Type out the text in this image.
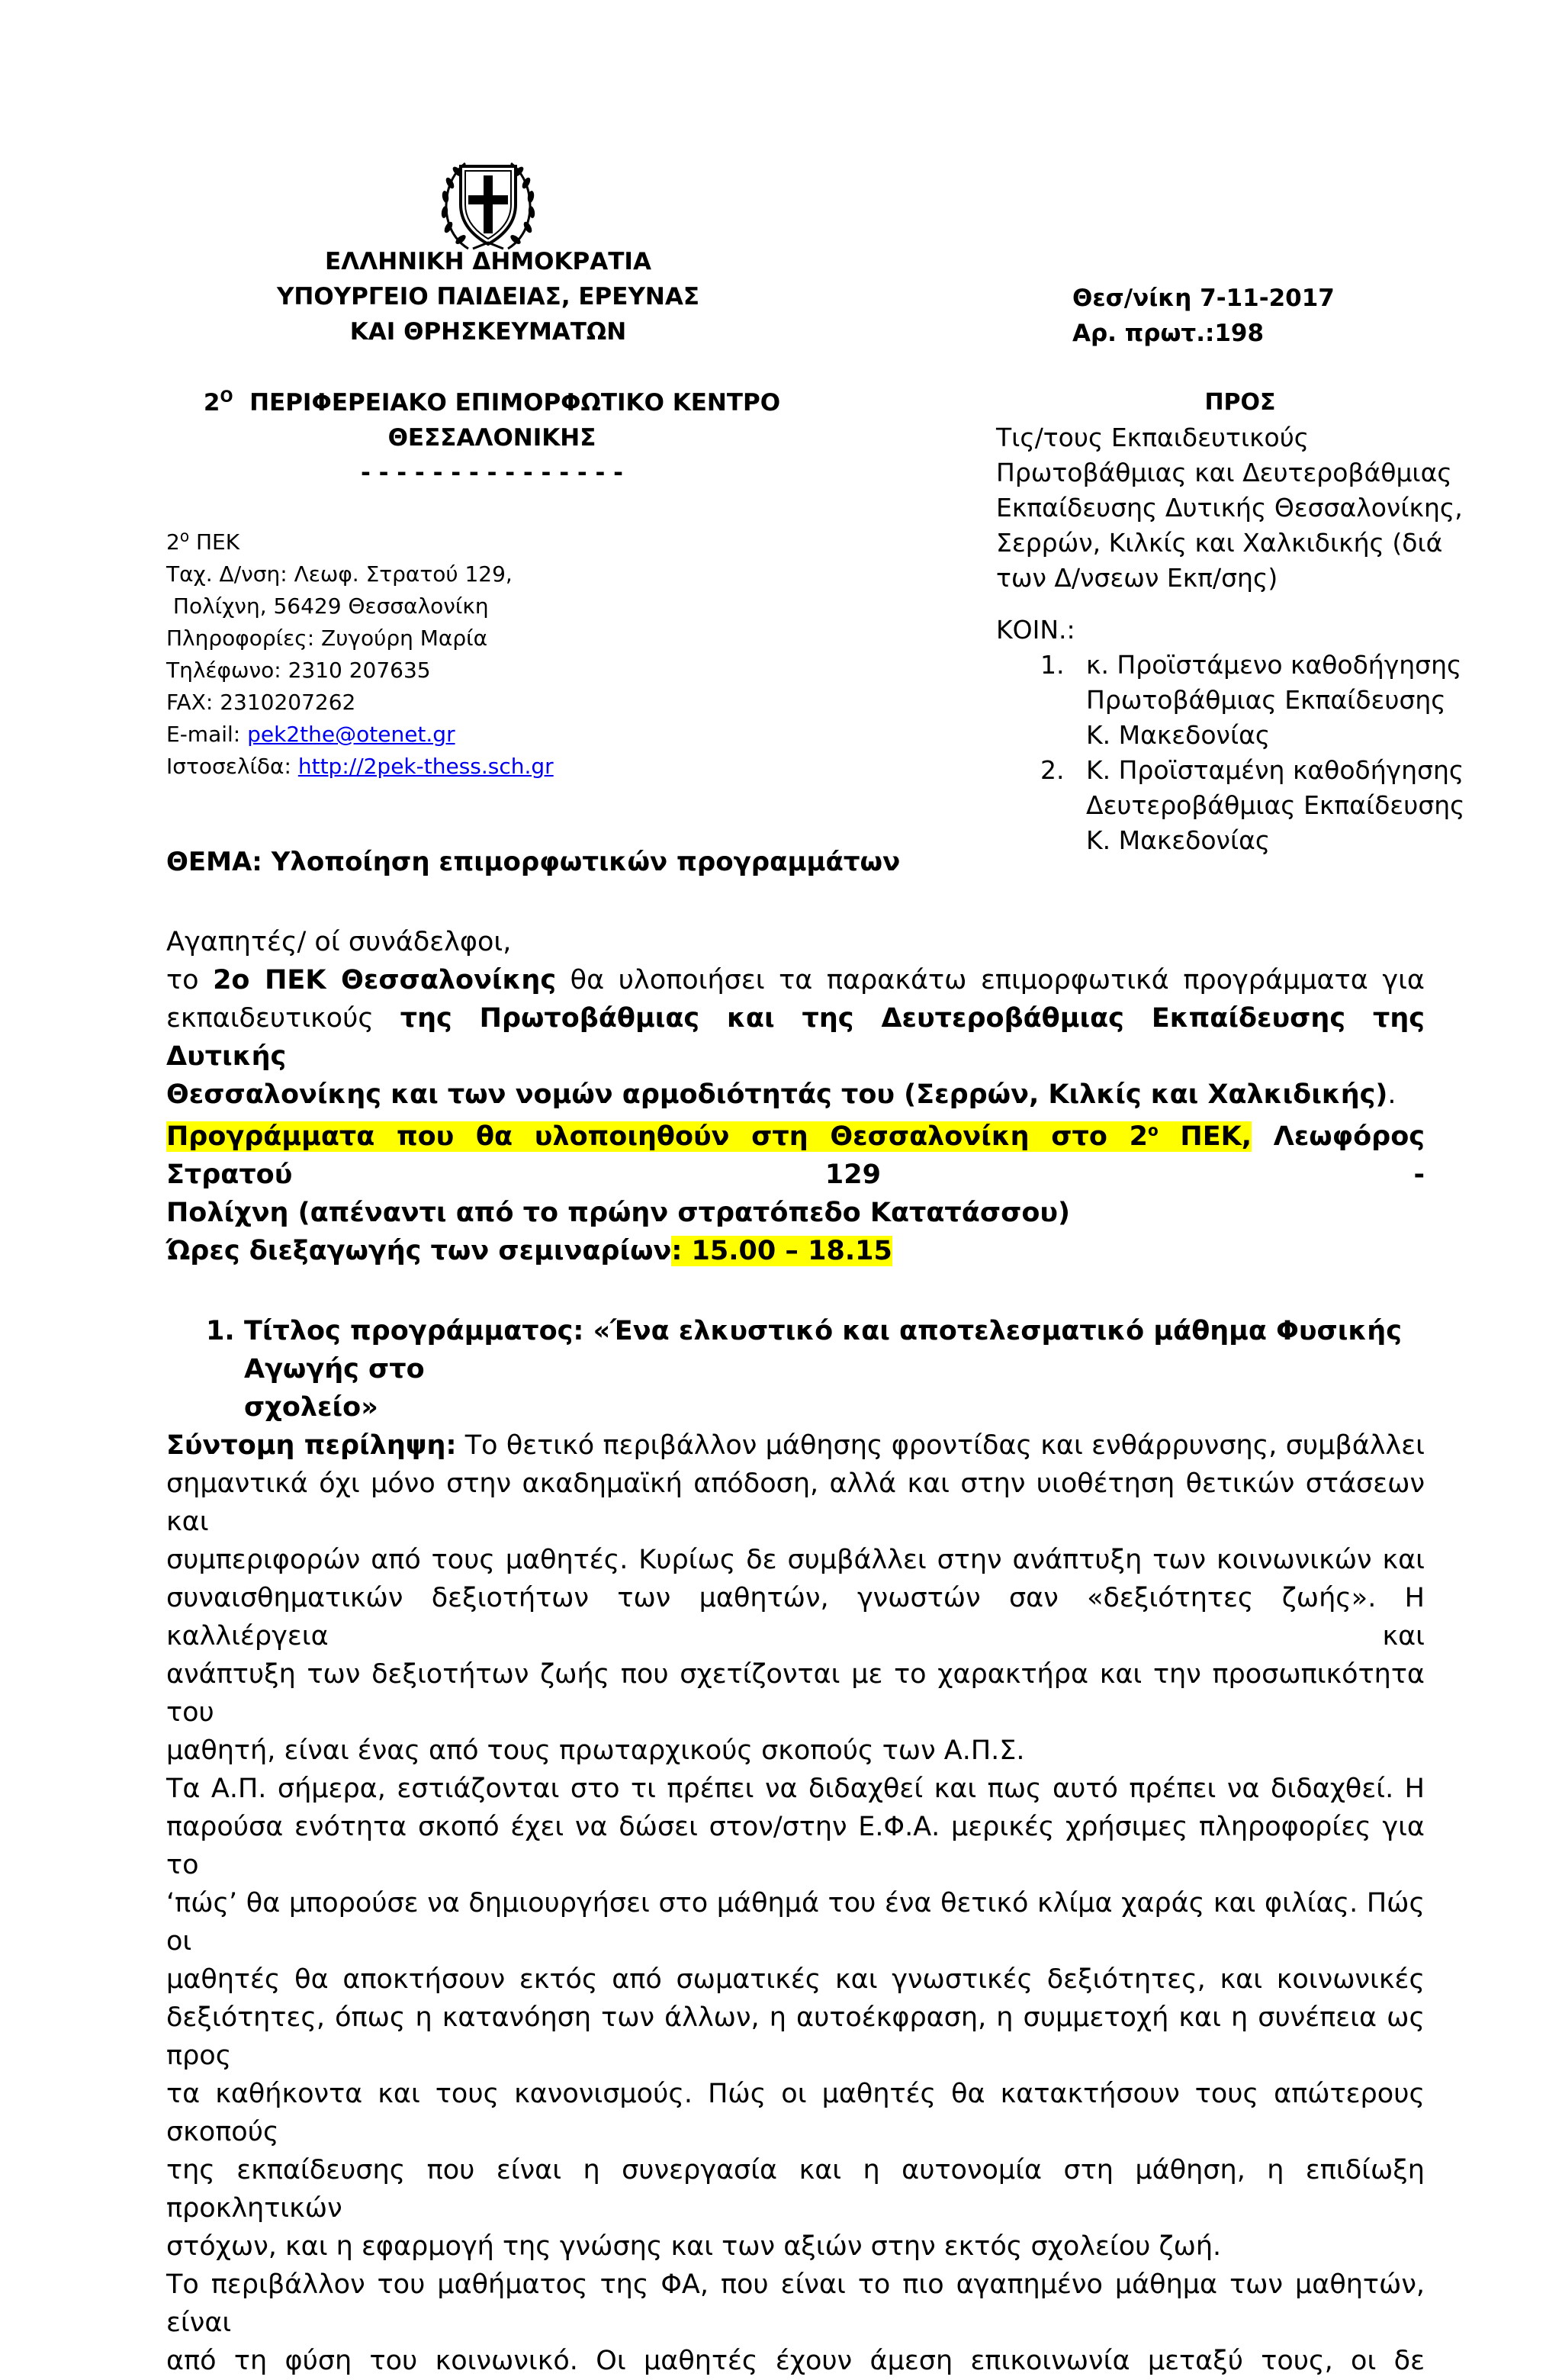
ΕΛΛΗΝΙΚΗ ΔΗΜΟΚΡΑΤΙΑ
ΥΠΟΥΡΓΕΙΟ ΠΑΙΔΕΙΑΣ, ΕΡΕΥΝΑΣ
ΚΑΙ ΘΡΗΣΚΕΥΜΑΤΩΝ
$2^O$ ΠΕΡΙΦΕΡΕΙΑΚΟ ΕΠΙΜΟΡΦΩΤΙΚΟ ΚΕΝΤΡΟ
ΘΕΣΣΑΛΟΝΙΚΗΣ
- - - - - - - - - - - - - - -
Θεσ/νίκη 7-11-2017
Αρ. πρωτ.:198
$2^o$ ΠΕΚ
Ταχ. Δ/νση: Λεωφ. Στρατού 129,
Πολίχνη, 56429 Θεσσαλονίκη
Πληροφορίες: Ζυγούρη Μαρία
Τηλέφωνο: 2310 207635
FAX: 2310207262
E-mail: pek2the@otenet.gr
Ιστοσελίδα: http://2pek-thess.sch.gr
ΠΡΟΣ
Τις/τους Εκπαιδευτικούς
Πρωτοβάθμιας και Δευτεροβάθμιας
Εκπαίδευσης Δυτικής Θεσσαλονίκης,
Σερρών, Κιλκίς και Χαλκιδικής (διά
των Δ/νσεων Εκπ/σης)
ΚΟΙΝ.:
1. κ. Προϊστάμενο καθοδήγησης
Πρωτοβάθμιας Εκπαίδευσης
Κ. Μακεδονίας
2. Κ. Προϊσταμένη καθοδήγησης
Δευτεροβάθμιας Εκπαίδευσης
Κ. Μακεδονίας
ΘΕΜΑ: Υλοποίηση επιμορφωτικών προγραμμάτων
Αγαπητές/ οί συνάδελφοι,
το 2ο ΠΕΚ Θεσσαλονίκης θα υλοποιήσει τα παρακάτω επιμορφωτικά προγράμματα για
εκπαιδευτικούς της Πρωτοβάθμιας και της Δευτεροβάθμιας Εκπαίδευσης της Δυτικής
Θεσσαλονίκης και των νομών αρμοδιότητάς του (Σερρών, Κιλκίς και Χαλκιδικής).
Προγράμματα που θα υλοποιηθούν στη Θεσσαλονίκη στο $2^o$ ΠΕΚ, Λεωφόρος Στρατού 129 -
Πολίχνη (απέναντι από το πρώην στρατόπεδο Κατατάσσου)
Ώρες διεξαγωγής των σεμιναρίων: 15.00 – 18.15
1. Τίτλος προγράμματος: «Ένα ελκυστικό και αποτελεσματικό μάθημα Φυσικής Αγωγής στο
σχολείο»
Σύντομη περίληψη: Το θετικό περιβάλλον μάθησης φροντίδας και ενθάρρυνσης, συμβάλλει
σημαντικά όχι μόνο στην ακαδημαϊκή απόδοση, αλλά και στην υιοθέτηση θετικών στάσεων και
συμπεριφορών από τους μαθητές. Κυρίως δε συμβάλλει στην ανάπτυξη των κοινωνικών και
συναισθηματικών δεξιοτήτων των μαθητών, γνωστών σαν «δεξιότητες ζωής». Η καλλιέργεια και
ανάπτυξη των δεξιοτήτων ζωής που σχετίζονται με το χαρακτήρα και την προσωπικότητα του
μαθητή, είναι ένας από τους πρωταρχικούς σκοπούς των Α.Π.Σ.
Τα Α.Π. σήμερα, εστιάζονται στο τι πρέπει να διδαχθεί και πως αυτό πρέπει να διδαχθεί. Η
παρούσα ενότητα σκοπό έχει να δώσει στον/στην Ε.Φ.Α. μερικές χρήσιμες πληροφορίες για το
‘πώς’ θα μπορούσε να δημιουργήσει στο μάθημά του ένα θετικό κλίμα χαράς και φιλίας. Πώς οι
μαθητές θα αποκτήσουν εκτός από σωματικές και γνωστικές δεξιότητες, και κοινωνικές
δεξιότητες, όπως η κατανόηση των άλλων, η αυτοέκφραση, η συμμετοχή και η συνέπεια ως προς
τα καθήκοντα και τους κανονισμούς. Πώς οι μαθητές θα κατακτήσουν τους απώτερους σκοπούς
της εκπαίδευσης που είναι η συνεργασία και η αυτονομία στη μάθηση, η επιδίωξη προκλητικών
στόχων, και η εφαρμογή της γνώσης και των αξιών στην εκτός σχολείου ζωή.
Το περιβάλλον του μαθήματος της ΦΑ, που είναι το πιο αγαπημένο μάθημα των μαθητών, είναι
από τη φύση του κοινωνικό. Οι μαθητές έχουν άμεση επικοινωνία μεταξύ τους, οι δε
